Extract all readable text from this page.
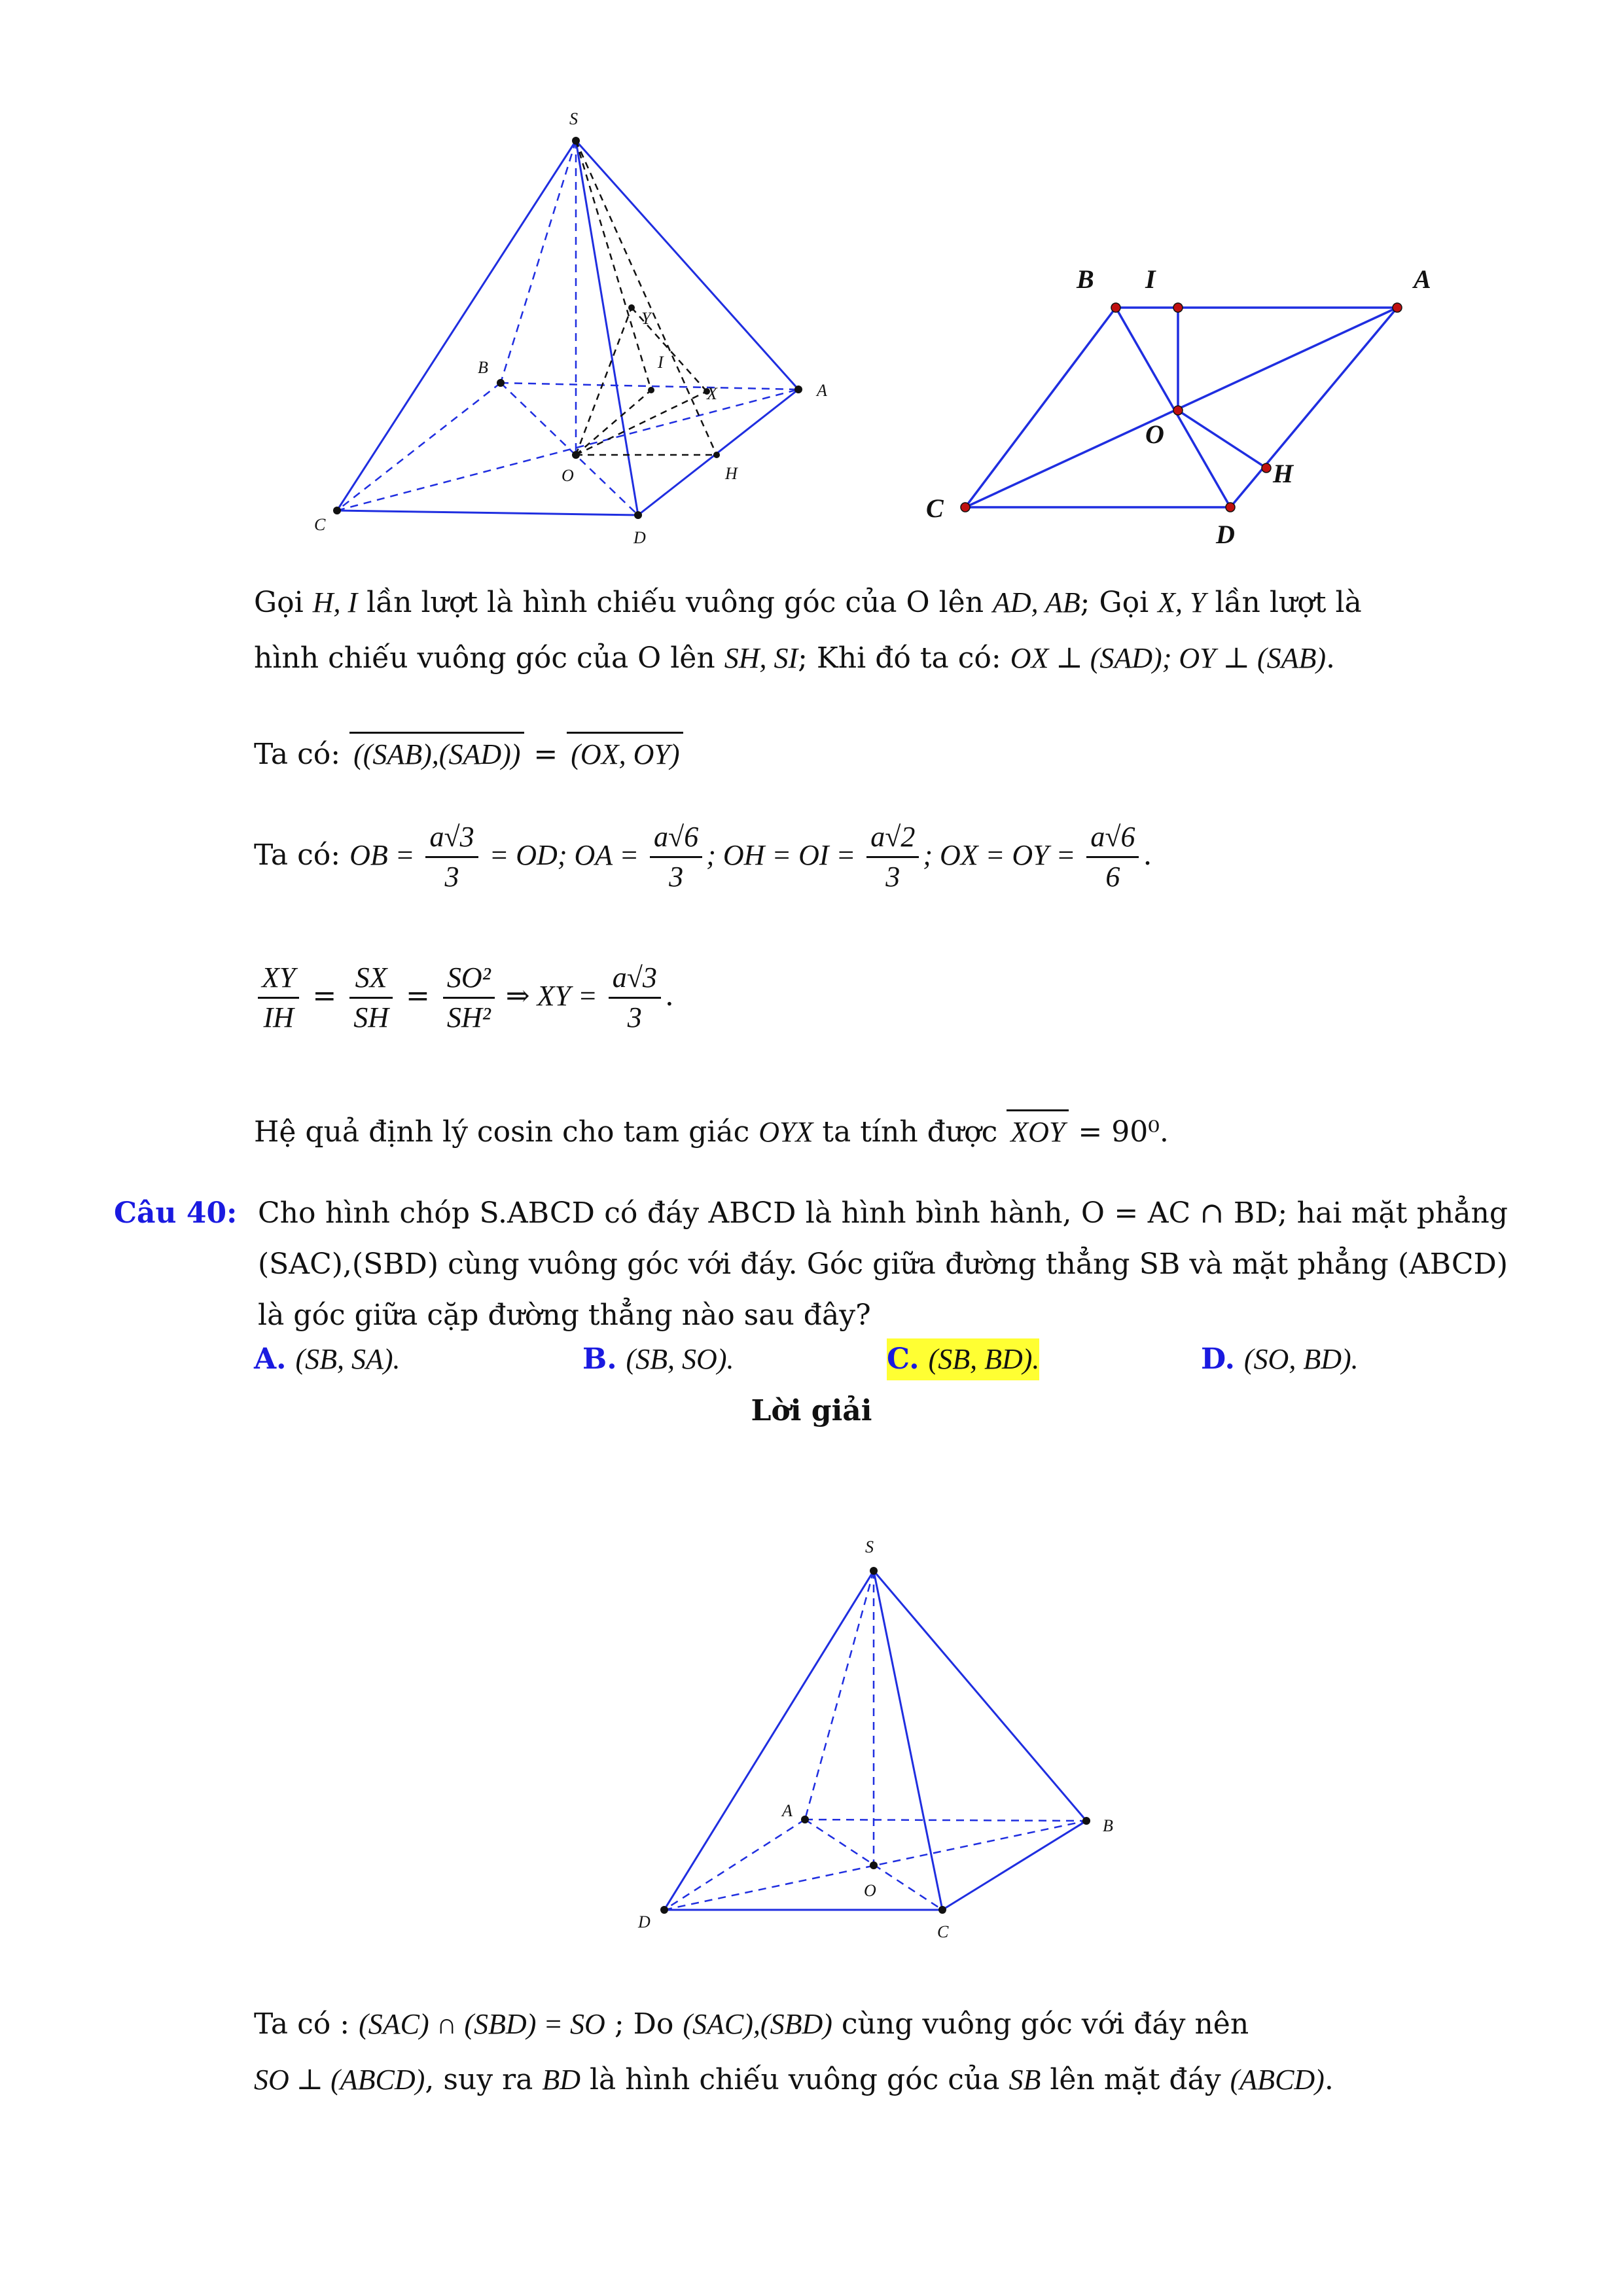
S
B	I
Y
X	A
O	H
C
D
B I	A
O
H
C
D
Gọi H, I lần lượt là hình chiếu vuông góc của O lên AD, AB; Gọi X, Y lần lượt là
hình chiếu vuông góc của O lên SH, SI; Khi đó ta có: OX ⊥ (SAD); OY ⊥ (SAB).
Ta có: ((SAB),(SAD)) = (OX, OY)
Ta có: OB = $\frac{a√3}{3}$ = OD; OA = $\frac{a√6}{3}$ ; OH = OI = $\frac{a√2}{3}$ ; OX = OY = $\frac{a√6}{6}$ .
$\frac{XY}{IH} = \frac{SX}{SH} = \frac{\text{SO²}}{\text{SH²}}$ ⇒ XY = $\frac{a√3}{3}$ .
Hệ quả định lý cosin cho tam giác OYX ta tính được XOY = 90⁰.
Câu 40: Cho hình chóp S.ABCD có đáy ABCD là hình bình hành, O = AC ∩ BD; hai mặt phẳng (SAC),(SBD) cùng vuông góc với đáy. Góc giữa đường thẳng SB và mặt phẳng (ABCD) là góc giữa cặp đường thẳng nào sau đây?
A. (SB, SA).	B. (SB, SO).	C. (SB, BD).	D. (SO, BD).
Lời giải
S
A
B
O
D
C
Ta có : (SAC) ∩ (SBD) = SO ; Do (SAC),(SBD) cùng vuông góc với đáy nên
SO ⊥ (ABCD), suy ra BD là hình chiếu vuông góc của SB lên mặt đáy (ABCD).
